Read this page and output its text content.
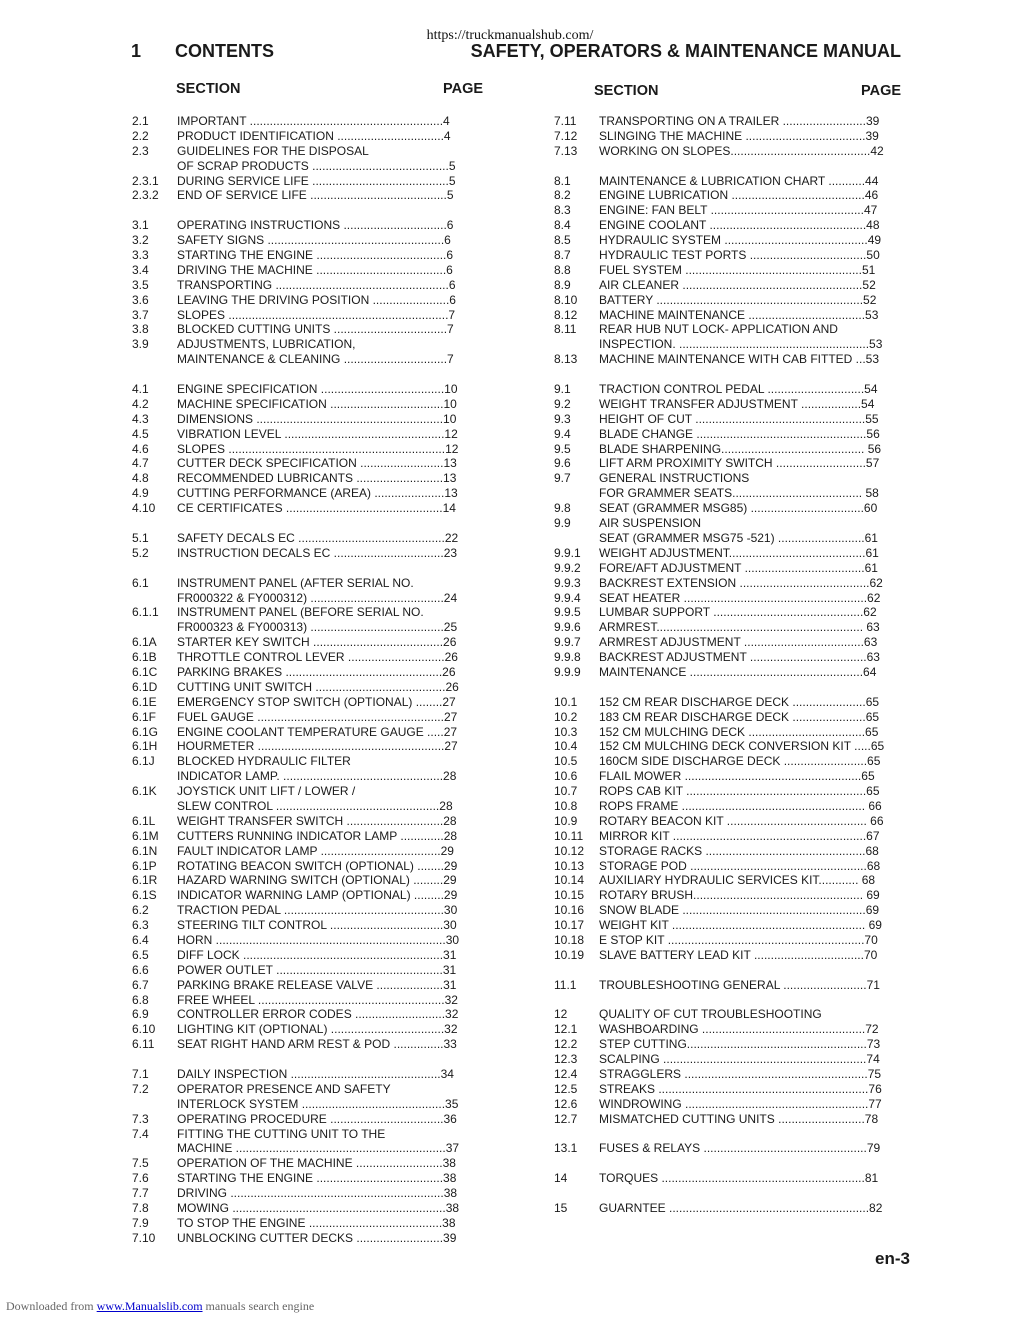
https://truckmanualshub.com/
1 CONTENTS	SAFETY, OPERATORS & MAINTENANCE MANUAL
SECTION	PAGE	SECTION	PAGE
2.1	IMPORTANT ..........................................................4
2.2	PRODUCT IDENTIFICATION ................................4
2.3	GUIDELINES FOR THE DISPOSAL
OF SCRAP PRODUCTS .........................................5
2.3.1	DURING SERVICE LIFE .........................................5
2.3.2	END OF SERVICE LIFE .........................................5
3.1	OPERATING INSTRUCTIONS ...............................6
3.2	SAFETY SIGNS .....................................................6
3.3	STARTING THE ENGINE .......................................6
3.4	DRIVING THE MACHINE .......................................6
3.5	TRANSPORTING ....................................................6
3.6	LEAVING THE DRIVING POSITION .......................6
3.7	SLOPES ..................................................................7
3.8	BLOCKED CUTTING UNITS ..................................7
3.9	ADJUSTMENTS, LUBRICATION,
MAINTENANCE & CLEANING ...............................7
4.1	ENGINE SPECIFICATION .....................................10
4.2	MACHINE SPECIFICATION ..................................10
4.3	DIMENSIONS ........................................................10
4.5	VIBRATION LEVEL ................................................12
4.6	SLOPES .................................................................12
4.7	CUTTER DECK SPECIFICATION .........................13
4.8	RECOMMENDED LUBRICANTS ..........................13
4.9	CUTTING PERFORMANCE (AREA) .....................13
4.10	CE CERTIFICATES ...............................................14
5.1	SAFETY DECALS EC ............................................22
5.2	INSTRUCTION DECALS EC .................................23
6.1	INSTRUMENT PANEL (AFTER SERIAL NO.
FR000322 & FY000312) ........................................24
6.1.1	INSTRUMENT PANEL (BEFORE SERIAL NO.
FR000323 & FY000313) ........................................25
6.1A	STARTER KEY SWITCH .......................................26
6.1B	THROTTLE CONTROL LEVER .............................26
6.1C	PARKING BRAKES ...............................................26
6.1D	CUTTING UNIT SWITCH .......................................26
6.1E	EMERGENCY STOP SWITCH (OPTIONAL) ........27
6.1F	FUEL GAUGE ........................................................27
6.1G	ENGINE COOLANT TEMPERATURE GAUGE .....27
6.1H	HOURMETER ........................................................27
6.1J	BLOCKED HYDRAULIC FILTER
INDICATOR LAMP. ................................................28
6.1K	JOYSTICK UNIT LIFT / LOWER /
SLEW CONTROL .................................................28
6.1L	WEIGHT TRANSFER SWITCH .............................28
6.1M	CUTTERS RUNNING INDICATOR LAMP .............28
6.1N	FAULT INDICATOR LAMP ....................................29
6.1P	ROTATING BEACON SWITCH (OPTIONAL) ........29
6.1R	HAZARD WARNING SWITCH (OPTIONAL) .........29
6.1S	INDICATOR WARNING LAMP (OPTIONAL) .........29
6.2	TRACTION PEDAL ................................................30
6.3	STEERING TILT CONTROL ..................................30
6.4	HORN .....................................................................30
6.5	DIFF LOCK ............................................................31
6.6	POWER OUTLET ..................................................31
6.7	PARKING BRAKE RELEASE VALVE ....................31
6.8	FREE WHEEL ........................................................32
6.9	CONTROLLER ERROR CODES ...........................32
6.10	LIGHTING KIT (OPTIONAL) ..................................32
6.11	SEAT RIGHT HAND ARM REST & POD ...............33
7.1	DAILY INSPECTION .............................................34
7.2	OPERATOR PRESENCE AND SAFETY
INTERLOCK SYSTEM ...........................................35
7.3	OPERATING PROCEDURE ..................................36
7.4	FITTING THE CUTTING UNIT TO THE
MACHINE ...............................................................37
7.5	OPERATION OF THE MACHINE ..........................38
7.6	STARTING THE ENGINE ......................................38
7.7	DRIVING ................................................................38
7.8	MOWING ................................................................38
7.9	TO STOP THE ENGINE ........................................38
7.10	UNBLOCKING CUTTER DECKS ..........................39
7.11	TRANSPORTING ON A TRAILER .........................39
7.12	SLINGING THE MACHINE ....................................39
7.13	WORKING ON SLOPES..........................................42
8.1	MAINTENANCE & LUBRICATION CHART ...........44
8.2	ENGINE LUBRICATION ........................................46
8.3	ENGINE: FAN BELT ..............................................47
8.4	ENGINE COOLANT ...............................................48
8.5	HYDRAULIC SYSTEM ...........................................49
8.7	HYDRAULIC TEST PORTS ...................................50
8.8	FUEL SYSTEM .....................................................51
8.9	AIR CLEANER ......................................................52
8.10	BATTERY ..............................................................52
8.12	MACHINE MAINTENANCE ...................................53
8.11	REAR HUB NUT LOCK- APPLICATION AND
INSPECTION. .........................................................53
8.13	MACHINE MAINTENANCE WITH CAB FITTED ...53
9.1	TRACTION CONTROL PEDAL .............................54
9.2	WEIGHT TRANSFER ADJUSTMENT ..................54
9.3	HEIGHT OF CUT ...................................................55
9.4	BLADE CHANGE ...................................................56
9.5	BLADE SHARPENING........................................... 56
9.6	LIFT ARM PROXIMITY SWITCH ...........................57
9.7	GENERAL INSTRUCTIONS
FOR GRAMMER SEATS....................................... 58
9.8	SEAT (GRAMMER MSG85) ..................................60
9.9	AIR SUSPENSION
SEAT (GRAMMER MSG75 -521) ..........................61
9.9.1	WEIGHT ADJUSTMENT.........................................61
9.9.2	FORE/AFT ADJUSTMENT ....................................61
9.9.3	BACKREST EXTENSION .......................................62
9.9.4	SEAT HEATER .......................................................62
9.9.5	LUMBAR SUPPORT .............................................62
9.9.6	ARMREST.............................................................. 63
9.9.7	ARMREST ADJUSTMENT ....................................63
9.9.8	BACKREST ADJUSTMENT ...................................63
9.9.9	MAINTENANCE ....................................................64
10.1	152 CM REAR DISCHARGE DECK ......................65
10.2	183 CM REAR DISCHARGE DECK ......................65
10.3	152 CM MULCHING DECK ...................................65
10.4	152 CM MULCHING DECK CONVERSION KIT .....65
10.5	160CM SIDE DISCHARGE DECK .........................65
10.6	FLAIL MOWER .....................................................65
10.7	ROPS CAB KIT ......................................................65
10.8	ROPS FRAME ....................................................... 66
10.9	ROTARY BEACON KIT .......................................... 66
10.11	MIRROR KIT ..........................................................67
10.12	STORAGE RACKS ................................................68
10.13	STORAGE POD .....................................................68
10.14	AUXILIARY HYDRAULIC SERVICES KIT............ 68
10.15	ROTARY BRUSH................................................... 69
10.16	SNOW BLADE .......................................................69
10.17	WEIGHT KIT .......................................................... 69
10.18	E STOP KIT ...........................................................70
10.19	SLAVE BATTERY LEAD KIT .................................70
11.1	TROUBLESHOOTING GENERAL .........................71
12	QUALITY OF CUT TROUBLESHOOTING
12.1	WASHBOARDING .................................................72
12.2	STEP CUTTING......................................................73
12.3	SCALPING .............................................................74
12.4	STRAGGLERS .......................................................75
12.5	STREAKS ...............................................................76
12.6	WINDROWING .......................................................77
12.7	MISMATCHED CUTTING UNITS ..........................78
13.1	FUSES & RELAYS .................................................79
14	TORQUES .............................................................81
15	GUARNTEE ............................................................82
en-3
Downloaded from www.Manualslib.com manuals search engine
